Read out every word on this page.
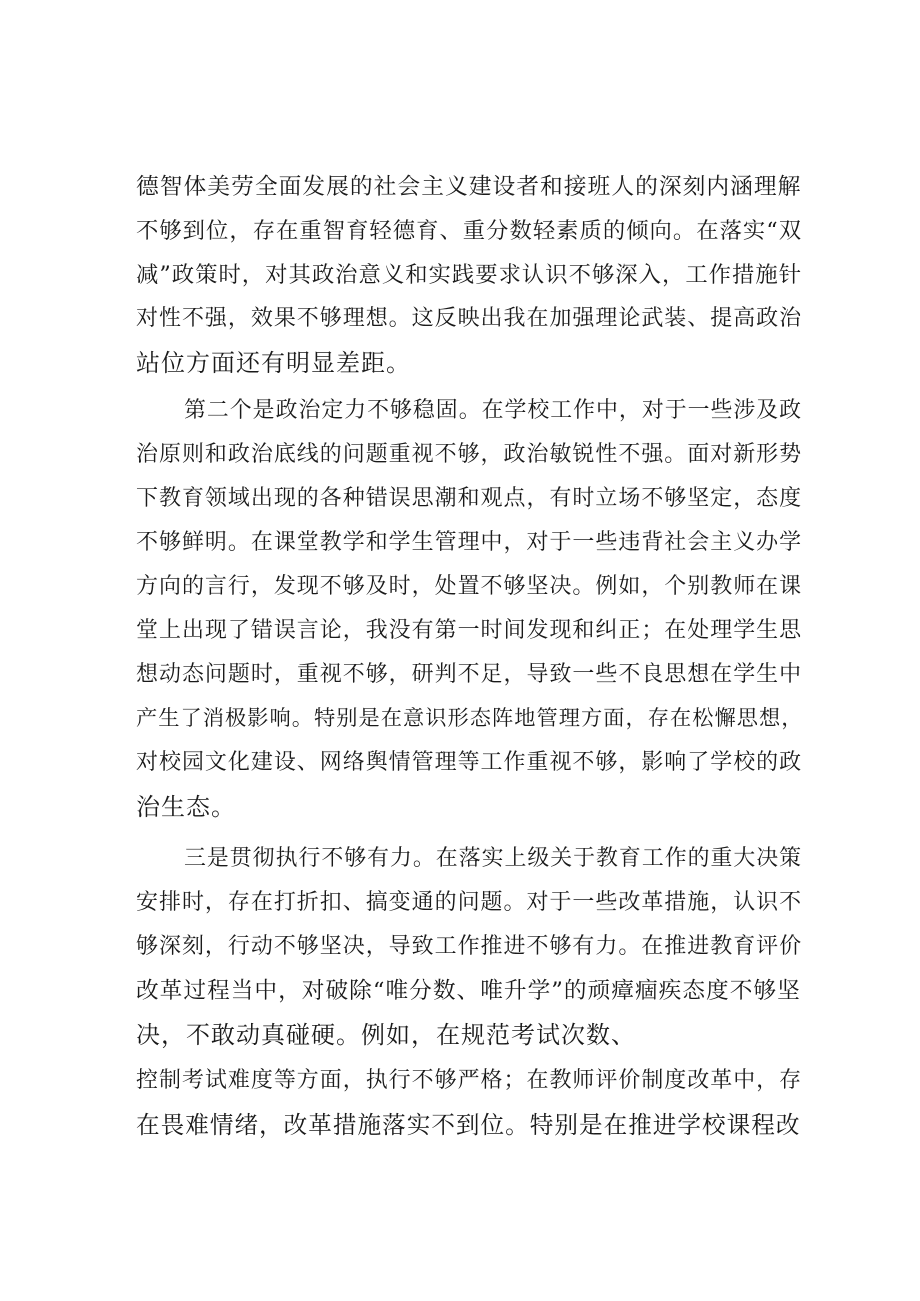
德智体美劳全面发展的社会主义建设者和接班人的深刻内涵理解

不够到位，存在重智育轻德育、重分数轻素质的倾向。在落实“双

减”政策时，对其政治意义和实践要求认识不够深入，工作措施针

对性不强，效果不够理想。这反映出我在加强理论武装、提高政治

站位方面还有明显差距。

第二个是政治定力不够稳固。在学校工作中，对于一些涉及政

治原则和政治底线的问题重视不够，政治敏锐性不强。面对新形势

下教育领域出现的各种错误思潮和观点，有时立场不够坚定，态度

不够鲜明。在课堂教学和学生管理中，对于一些违背社会主义办学

方向的言行，发现不够及时，处置不够坚决。例如，个别教师在课

堂上出现了错误言论，我没有第一时间发现和纠正；在处理学生思

想动态问题时，重视不够，研判不足，导致一些不良思想在学生中

产生了消极影响。特别是在意识形态阵地管理方面，存在松懈思想，

对校园文化建设、网络舆情管理等工作重视不够，影响了学校的政

治生态。

三是贯彻执行不够有力。在落实上级关于教育工作的重大决策

安排时，存在打折扣、搞变通的问题。对于一些改革措施，认识不

够深刻，行动不够坚决，导致工作推进不够有力。在推进教育评价

改革过程当中，对破除“唯分数、唯升学”的顽瘴痼疾态度不够坚

决，不敢动真碰硬。例如，在规范考试次数、

控制考试难度等方面，执行不够严格；在教师评价制度改革中，存

在畏难情绪，改革措施落实不到位。特别是在推进学校课程改
